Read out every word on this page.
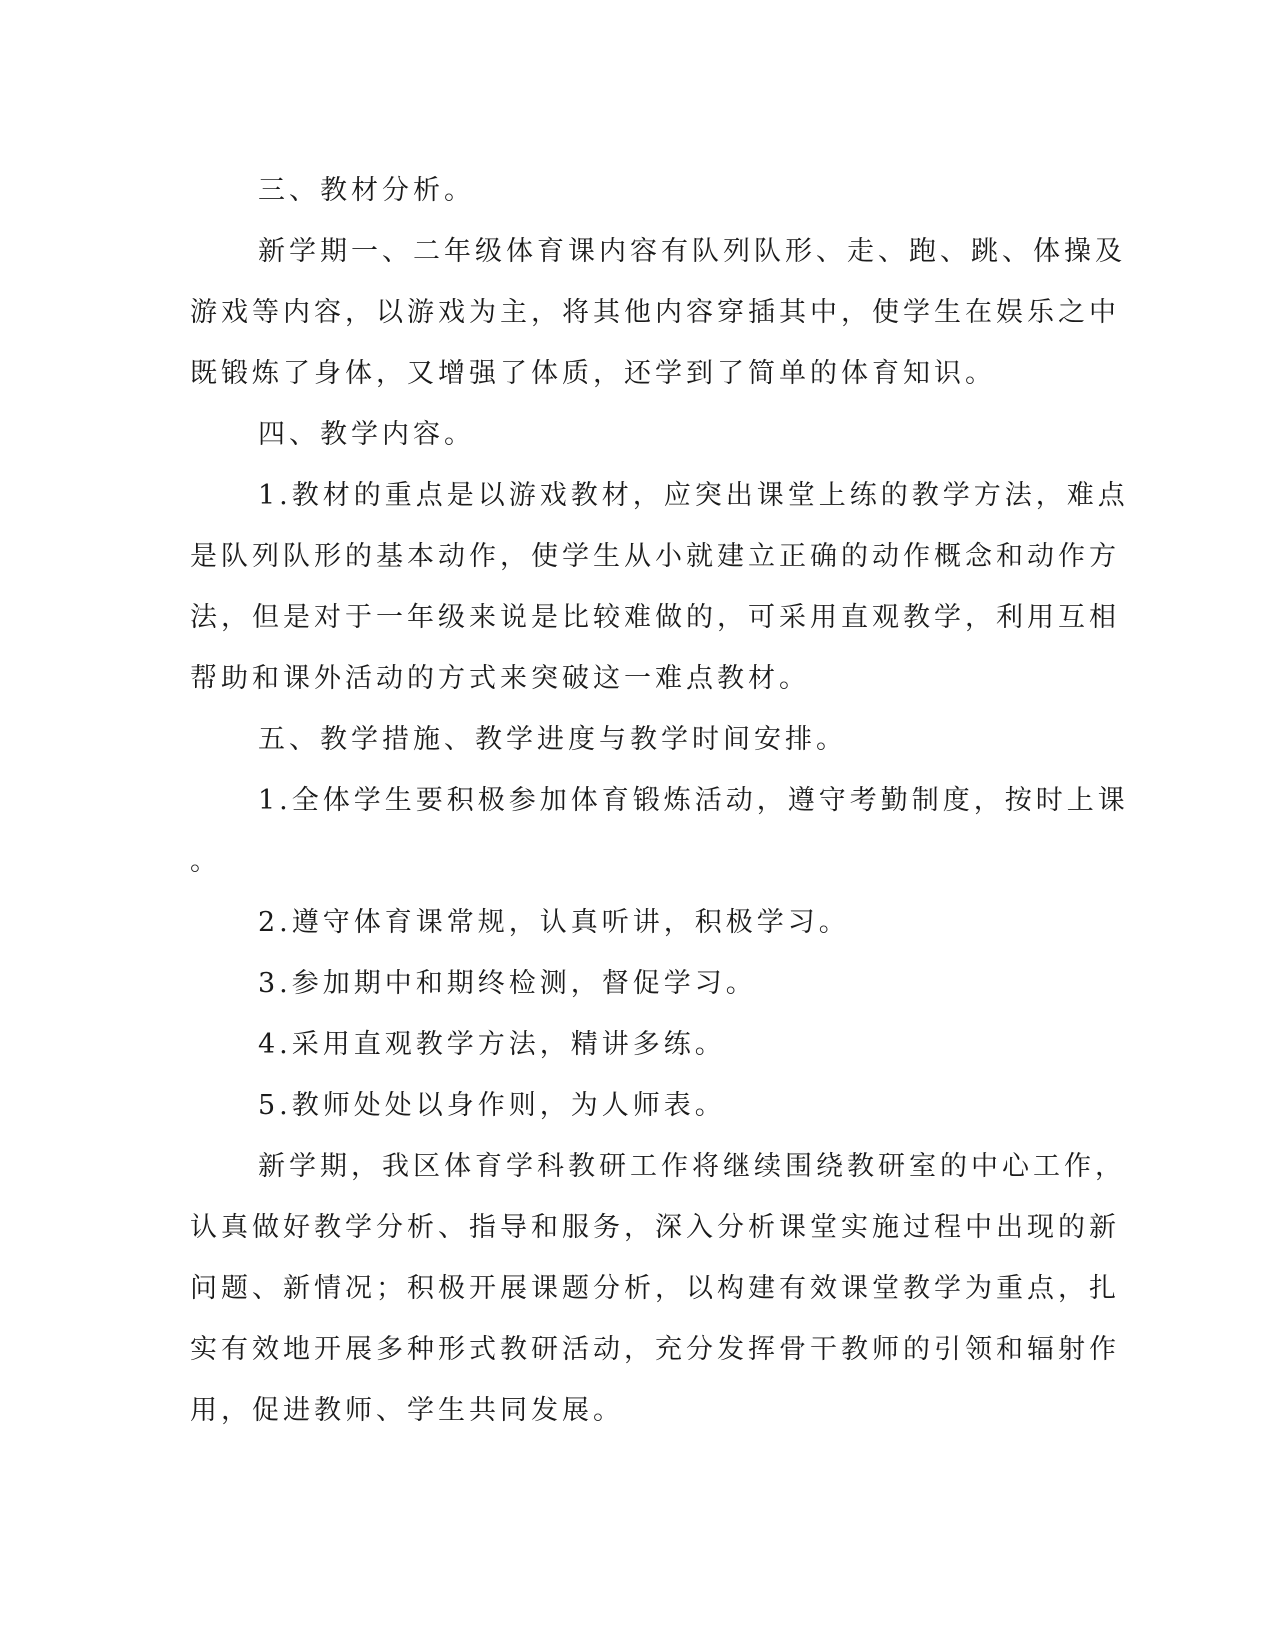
三、教材分析。

新学期一、二年级体育课内容有队列队形、走、跑、跳、体操及
游戏等内容，以游戏为主，将其他内容穿插其中，使学生在娱乐之中
既锻炼了身体，又增强了体质，还学到了简单的体育知识。

四、教学内容。

1.教材的重点是以游戏教材，应突出课堂上练的教学方法，难点
是队列队形的基本动作，使学生从小就建立正确的动作概念和动作方
法，但是对于一年级来说是比较难做的，可采用直观教学，利用互相
帮助和课外活动的方式来突破这一难点教材。

五、教学措施、教学进度与教学时间安排。

1.全体学生要积极参加体育锻炼活动，遵守考勤制度，按时上课
。

2.遵守体育课常规，认真听讲，积极学习。

3.参加期中和期终检测，督促学习。

4.采用直观教学方法，精讲多练。

5.教师处处以身作则，为人师表。

新学期，我区体育学科教研工作将继续围绕教研室的中心工作，
认真做好教学分析、指导和服务，深入分析课堂实施过程中出现的新
问题、新情况；积极开展课题分析，以构建有效课堂教学为重点，扎
实有效地开展多种形式教研活动，充分发挥骨干教师的引领和辐射作
用，促进教师、学生共同发展。
